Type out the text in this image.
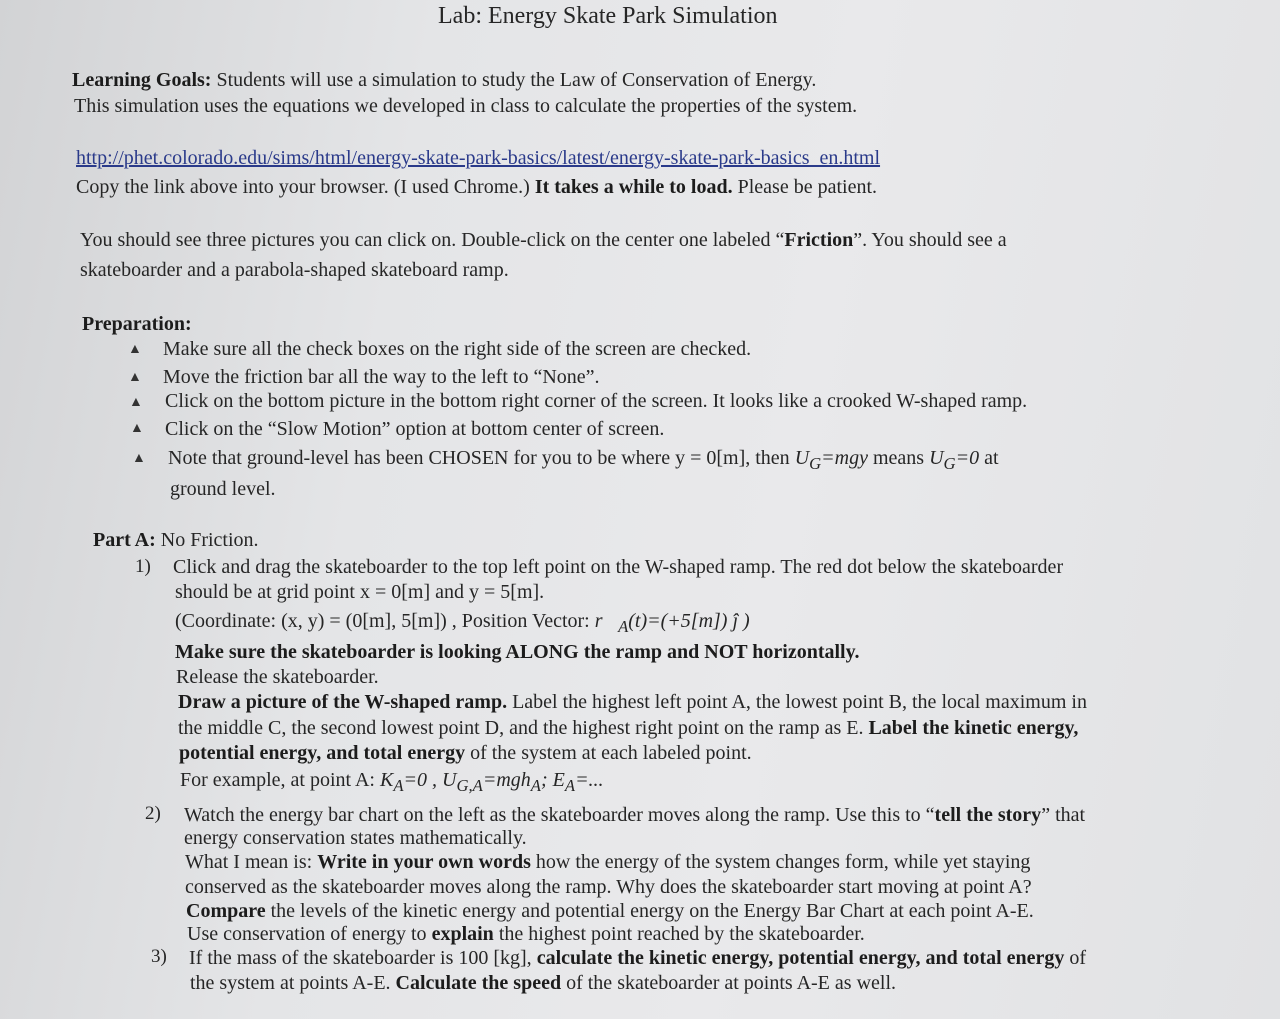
Lab: Energy Skate Park Simulation
Learning Goals: Students will use a simulation to study the Law of Conservation of Energy.
This simulation uses the equations we developed in class to calculate the properties of the system.
http://phet.colorado.edu/sims/html/energy-skate-park-basics/latest/energy-skate-park-basics_en.html
Copy the link above into your browser. (I used Chrome.) It takes a while to load. Please be patient.
You should see three pictures you can click on. Double-click on the center one labeled “Friction”. You should see a
skateboarder and a parabola-shaped skateboard ramp.
Preparation:
▲ Make sure all the check boxes on the right side of the screen are checked.
▲ Move the friction bar all the way to the left to “None”.
▲ Click on the bottom picture in the bottom right corner of the screen. It looks like a crooked W-shaped ramp.
▲ Click on the “Slow Motion” option at bottom center of screen.
▲ Note that ground-level has been CHOSEN for you to be where y = 0[m], then $U_G=mgy$ means $U_G=0$ at
ground level.
Part A: No Friction.
1) Click and drag the skateboarder to the top left point on the W-shaped ramp. The red dot below the skateboarder
should be at grid point x = 0[m] and y = 5[m].
(Coordinate: (x, y) = (0[m], 5[m]) , Position Vector: $r⃗_A(t)=(+5[m])$ ĵ )
Make sure the skateboarder is looking ALONG the ramp and NOT horizontally.
Release the skateboarder.
Draw a picture of the W-shaped ramp. Label the highest left point A, the lowest point B, the local maximum in
the middle C, the second lowest point D, and the highest right point on the ramp as E. Label the kinetic energy,
potential energy, and total energy of the system at each labeled point.
For example, at point A: $K_A=0$ , $U_{G,A}=mgh_A$; $E_A=$...
2) Watch the energy bar chart on the left as the skateboarder moves along the ramp. Use this to “tell the story” that
energy conservation states mathematically.
What I mean is: Write in your own words how the energy of the system changes form, while yet staying
conserved as the skateboarder moves along the ramp. Why does the skateboarder start moving at point A?
Compare the levels of the kinetic energy and potential energy on the Energy Bar Chart at each point A-E.
Use conservation of energy to explain the highest point reached by the skateboarder.
3) If the mass of the skateboarder is 100 [kg], calculate the kinetic energy, potential energy, and total energy of
the system at points A-E. Calculate the speed of the skateboarder at points A-E as well.
